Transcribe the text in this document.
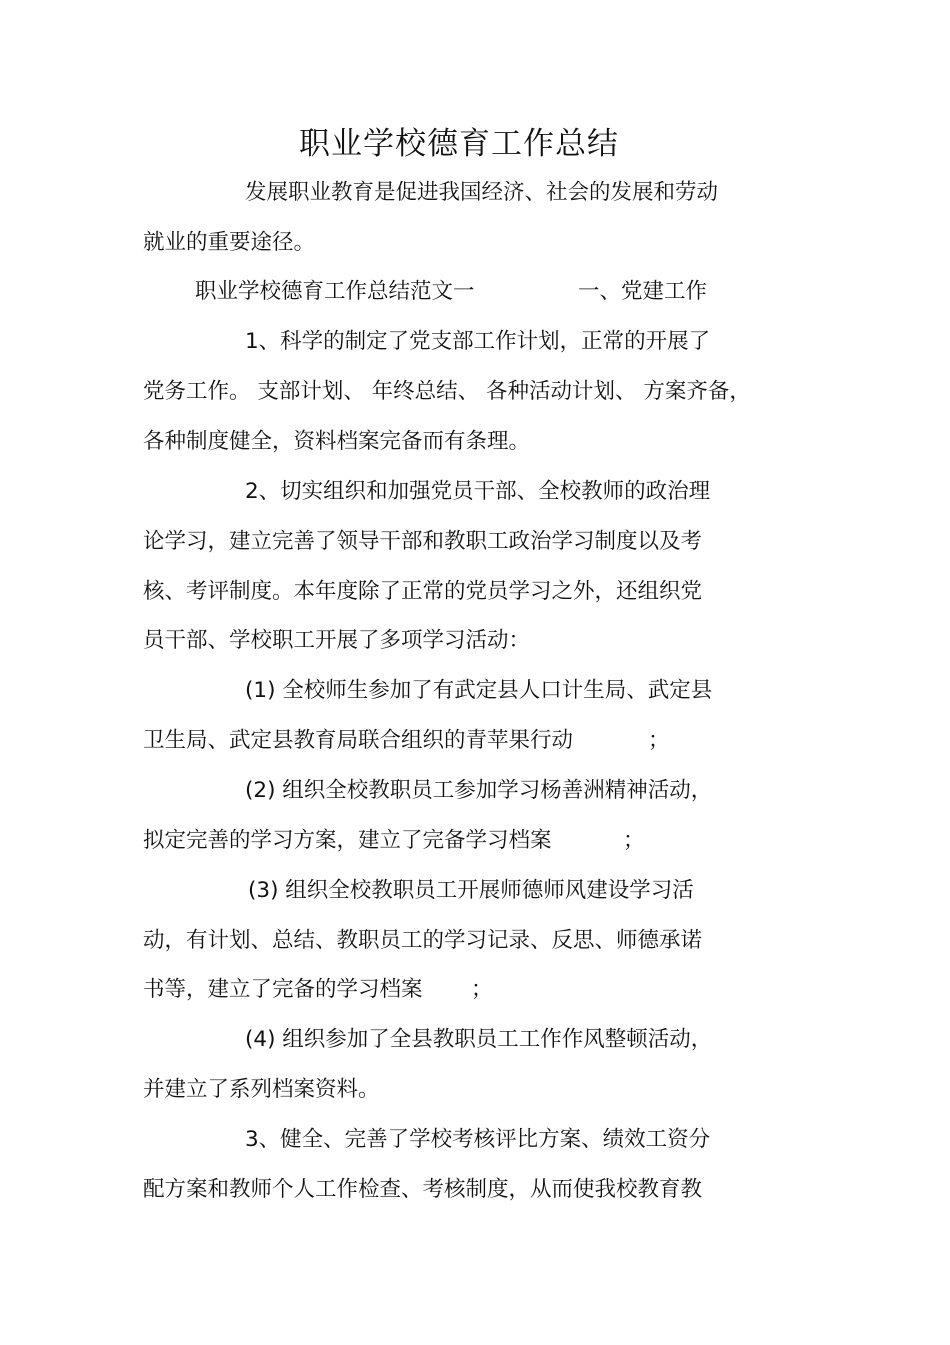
职业学校德育工作总结
发展职业教育是促进我国经济、社会的发展和劳动
就业的重要途径。
职业学校德育工作总结范文一	一、党建工作
1、科学的制定了党支部工作计划，正常的开展了
党务工作。 支部计划、 年终总结、 各种活动计划、 方案齐备，
各种制度健全，资料档案完备而有条理。
2、切实组织和加强党员干部、全校教师的政治理
论学习，建立完善了领导干部和教职工政治学习制度以及考
核、考评制度。本年度除了正常的党员学习之外，还组织党
员干部、学校职工开展了多项学习活动：
(1) 全校师生参加了有武定县人口计生局、武定县
卫生局、武定县教育局联合组织的青苹果行动	；
(2) 组织全校教职员工参加学习杨善洲精神活动，
拟定完善的学习方案，建立了完备学习档案	；
(3) 组织全校教职员工开展师德师风建设学习活
动，有计划、总结、教职员工的学习记录、反思、师德承诺
书等，建立了完备的学习档案 ；
(4) 组织参加了全县教职员工工作作风整顿活动，
并建立了系列档案资料。
3、健全、完善了学校考核评比方案、绩效工资分
配方案和教师个人工作检查、考核制度，从而使我校教育教
